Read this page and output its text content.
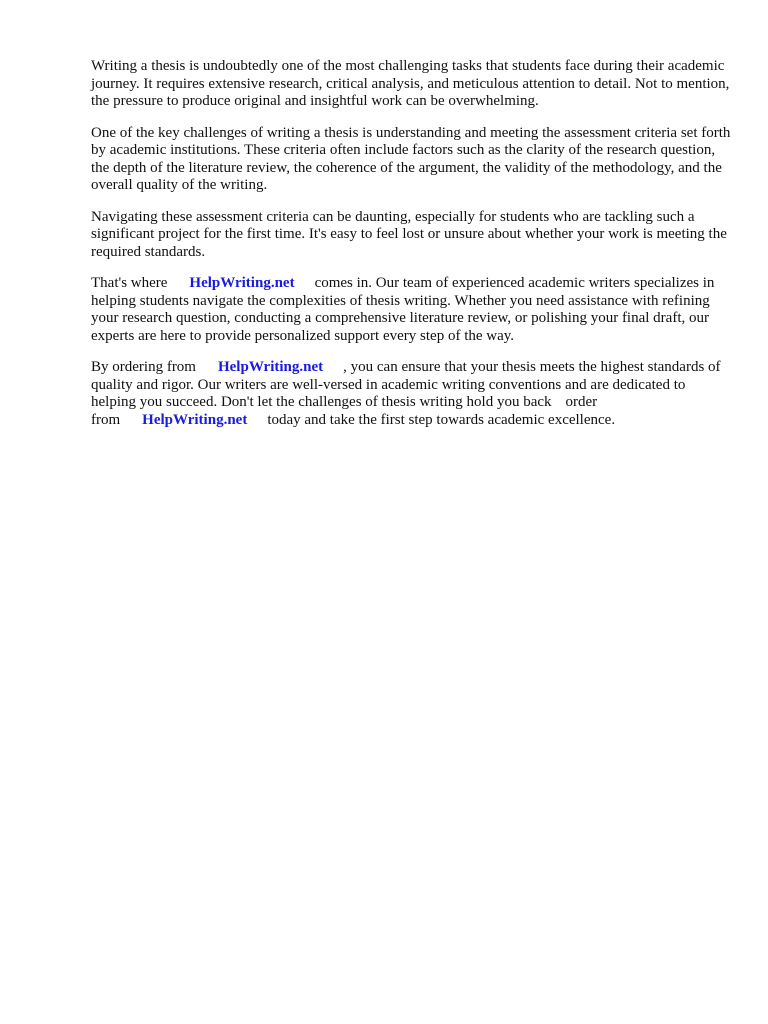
Writing a thesis is undoubtedly one of the most challenging tasks that students face during their academic journey. It requires extensive research, critical analysis, and meticulous attention to detail. Not to mention, the pressure to produce original and insightful work can be overwhelming.

One of the key challenges of writing a thesis is understanding and meeting the assessment criteria set forth by academic institutions. These criteria often include factors such as the clarity of the research question, the depth of the literature review, the coherence of the argument, the validity of the methodology, and the overall quality of the writing.

Navigating these assessment criteria can be daunting, especially for students who are tackling such a significant project for the first time. It's easy to feel lost or unsure about whether your work is meeting the required standards.

That's where HelpWriting.net comes in. Our team of experienced academic writers specializes in helping students navigate the complexities of thesis writing. Whether you need assistance with refining your research question, conducting a comprehensive literature review, or polishing your final draft, our experts are here to provide personalized support every step of the way.

By ordering from HelpWriting.net , you can ensure that your thesis meets the highest standards of quality and rigor. Our writers are well-versed in academic writing conventions and are dedicated to helping you succeed. Don't let the challenges of thesis writing hold you back order from HelpWriting.net today and take the first step towards academic excellence.
